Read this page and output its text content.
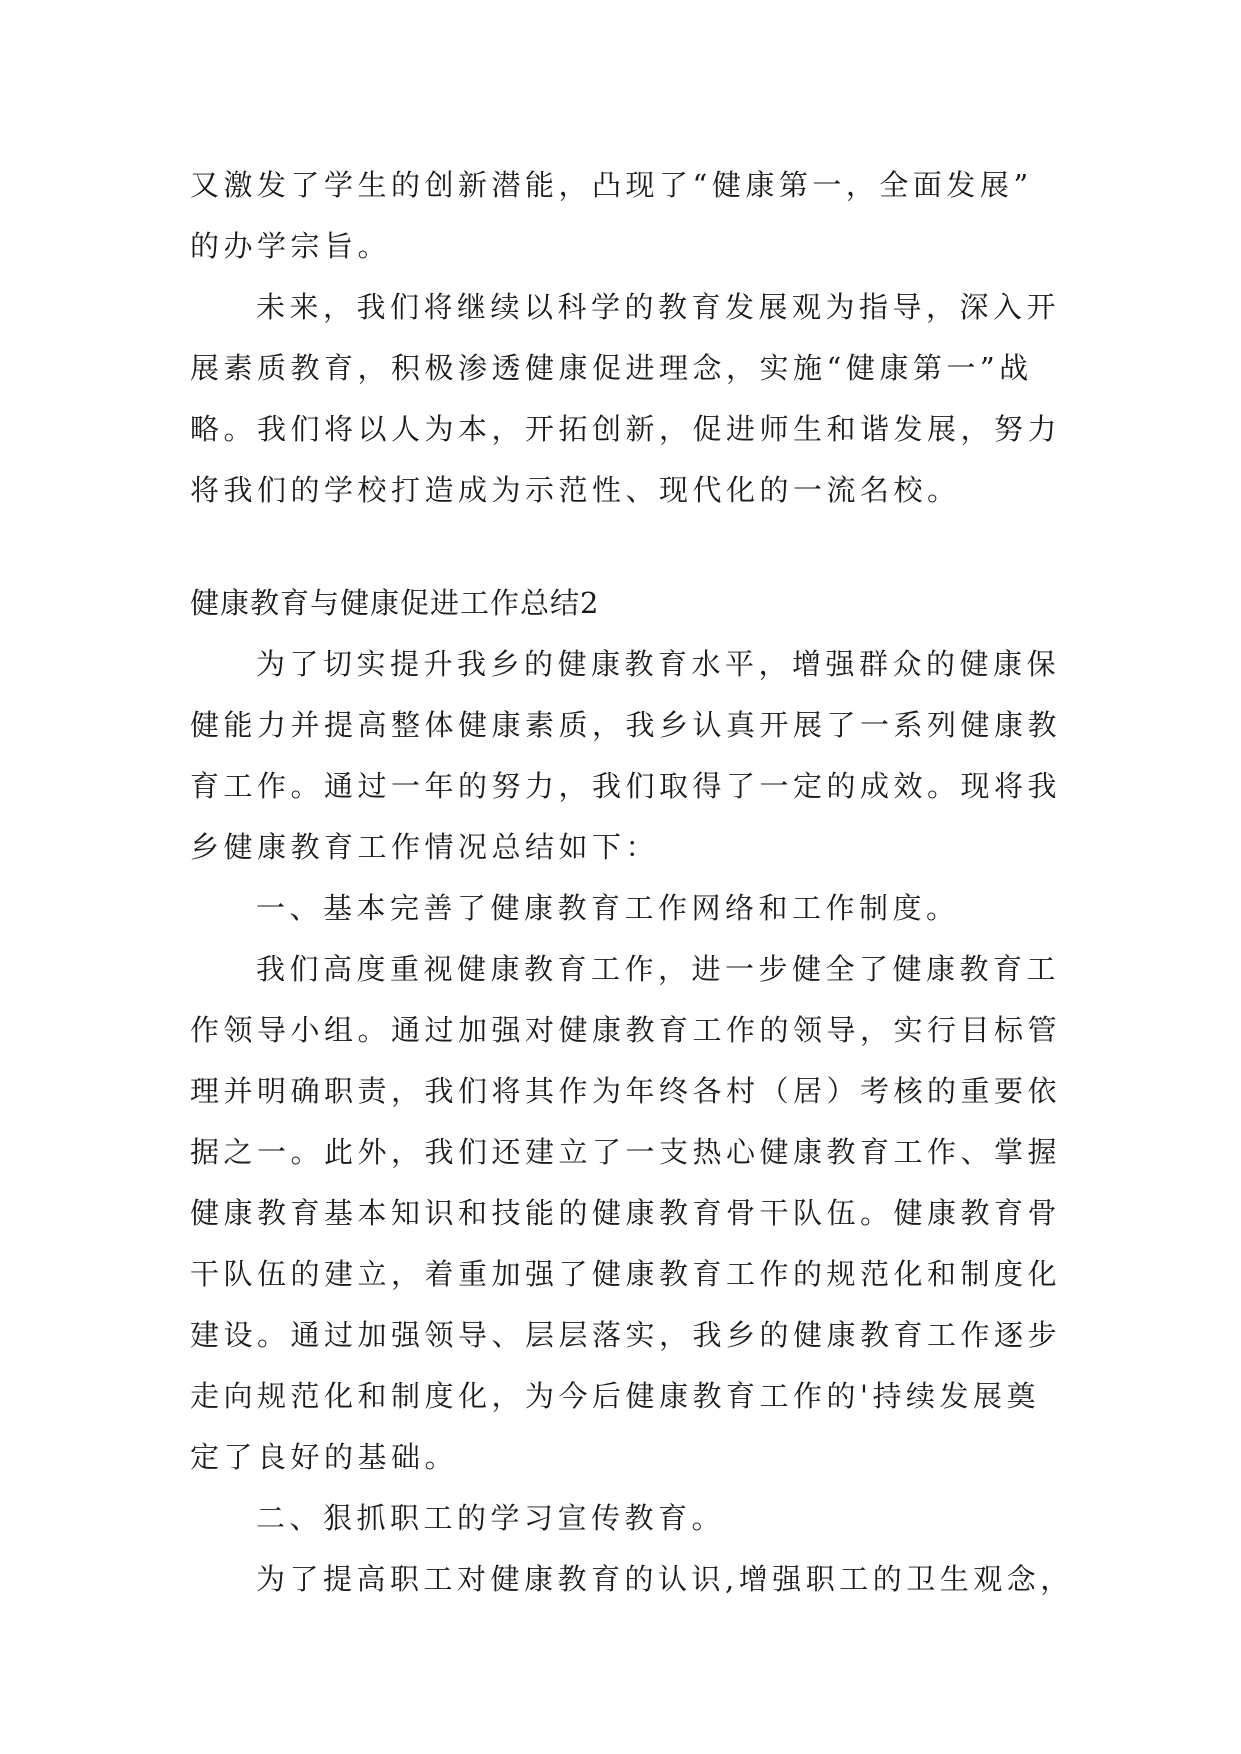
又激发了学生的创新潜能，凸现了“健康第一，全面发展”
的办学宗旨。
未来，我们将继续以科学的教育发展观为指导，深入开
展素质教育，积极渗透健康促进理念，实施“健康第一”战
略。我们将以人为本，开拓创新，促进师生和谐发展，努力
将我们的学校打造成为示范性、现代化的一流名校。
健康教育与健康促进工作总结2
为了切实提升我乡的健康教育水平，增强群众的健康保
健能力并提高整体健康素质，我乡认真开展了一系列健康教
育工作。通过一年的努力，我们取得了一定的成效。现将我
乡健康教育工作情况总结如下：
一、基本完善了健康教育工作网络和工作制度。
我们高度重视健康教育工作，进一步健全了健康教育工
作领导小组。通过加强对健康教育工作的领导，实行目标管
理并明确职责，我们将其作为年终各村（居）考核的重要依
据之一。此外，我们还建立了一支热心健康教育工作、掌握
健康教育基本知识和技能的健康教育骨干队伍。健康教育骨
干队伍的建立，着重加强了健康教育工作的规范化和制度化
建设。通过加强领导、层层落实，我乡的健康教育工作逐步
走向规范化和制度化，为今后健康教育工作的'持续发展奠
定了良好的基础。
二、狠抓职工的学习宣传教育。
为了提高职工对健康教育的认识,增强职工的卫生观念，
